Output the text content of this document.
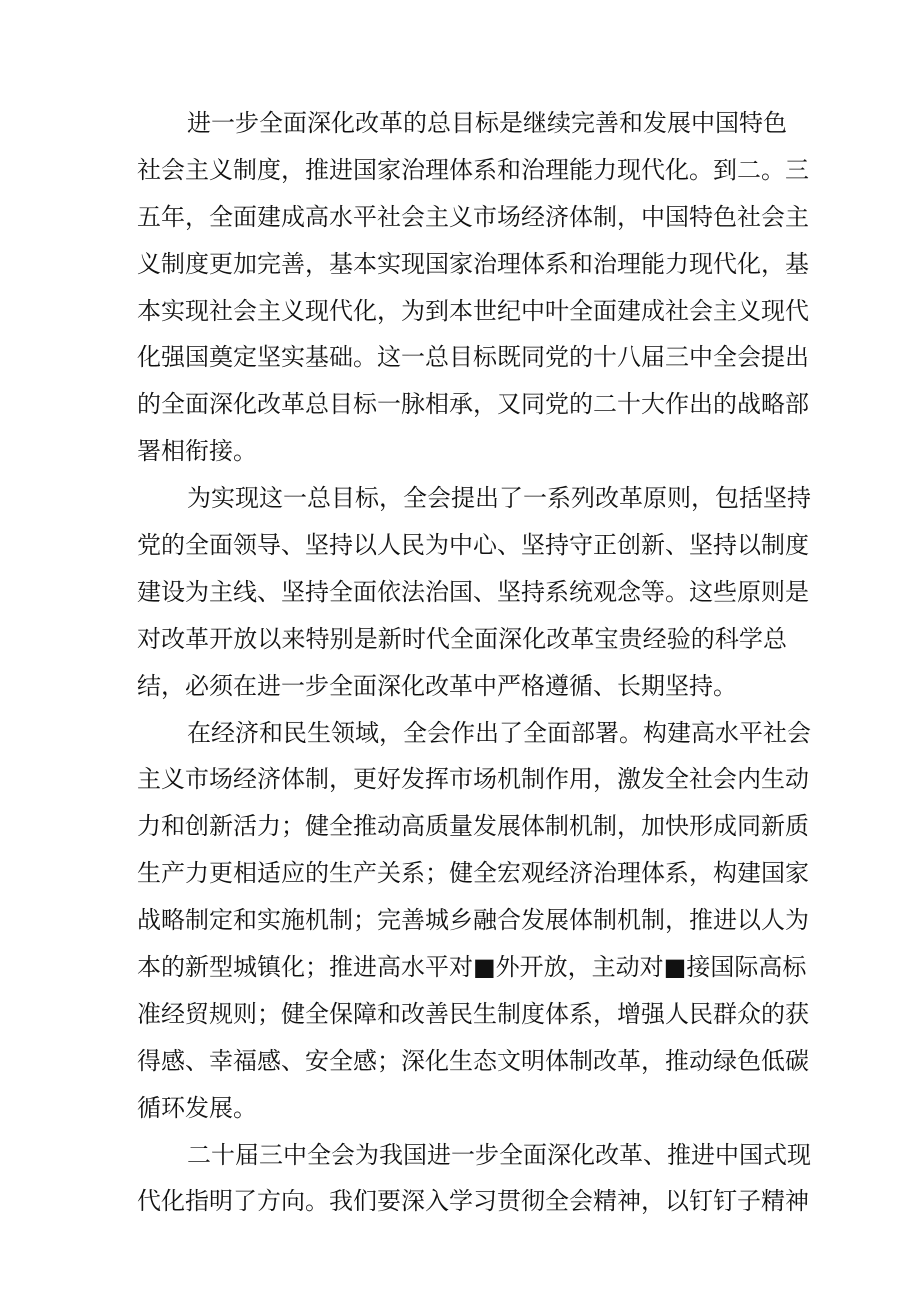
进一步全面深化改革的总目标是继续完善和发展中国特色
社会主义制度，推进国家治理体系和治理能力现代化。到二。三
五年，全面建成高水平社会主义市场经济体制，中国特色社会主
义制度更加完善，基本实现国家治理体系和治理能力现代化，基
本实现社会主义现代化，为到本世纪中叶全面建成社会主义现代
化强国奠定坚实基础。这一总目标既同党的十八届三中全会提出
的全面深化改革总目标一脉相承，又同党的二十大作出的战略部
署相衔接。
为实现这一总目标，全会提出了一系列改革原则，包括坚持
党的全面领导、坚持以人民为中心、坚持守正创新、坚持以制度
建设为主线、坚持全面依法治国、坚持系统观念等。这些原则是
对改革开放以来特别是新时代全面深化改革宝贵经验的科学总
结，必须在进一步全面深化改革中严格遵循、长期坚持。
在经济和民生领域，全会作出了全面部署。构建高水平社会
主义市场经济体制，更好发挥市场机制作用，激发全社会内生动
力和创新活力；健全推动高质量发展体制机制，加快形成同新质
生产力更相适应的生产关系；健全宏观经济治理体系，构建国家
战略制定和实施机制；完善城乡融合发展体制机制，推进以人为
本的新型城镇化；推进高水平对■外开放，主动对■接国际高标
准经贸规则；健全保障和改善民生制度体系，增强人民群众的获
得感、幸福感、安全感；深化生态文明体制改革，推动绿色低碳
循环发展。
二十届三中全会为我国进一步全面深化改革、推进中国式现
代化指明了方向。我们要深入学习贯彻全会精神，以钉钉子精神
